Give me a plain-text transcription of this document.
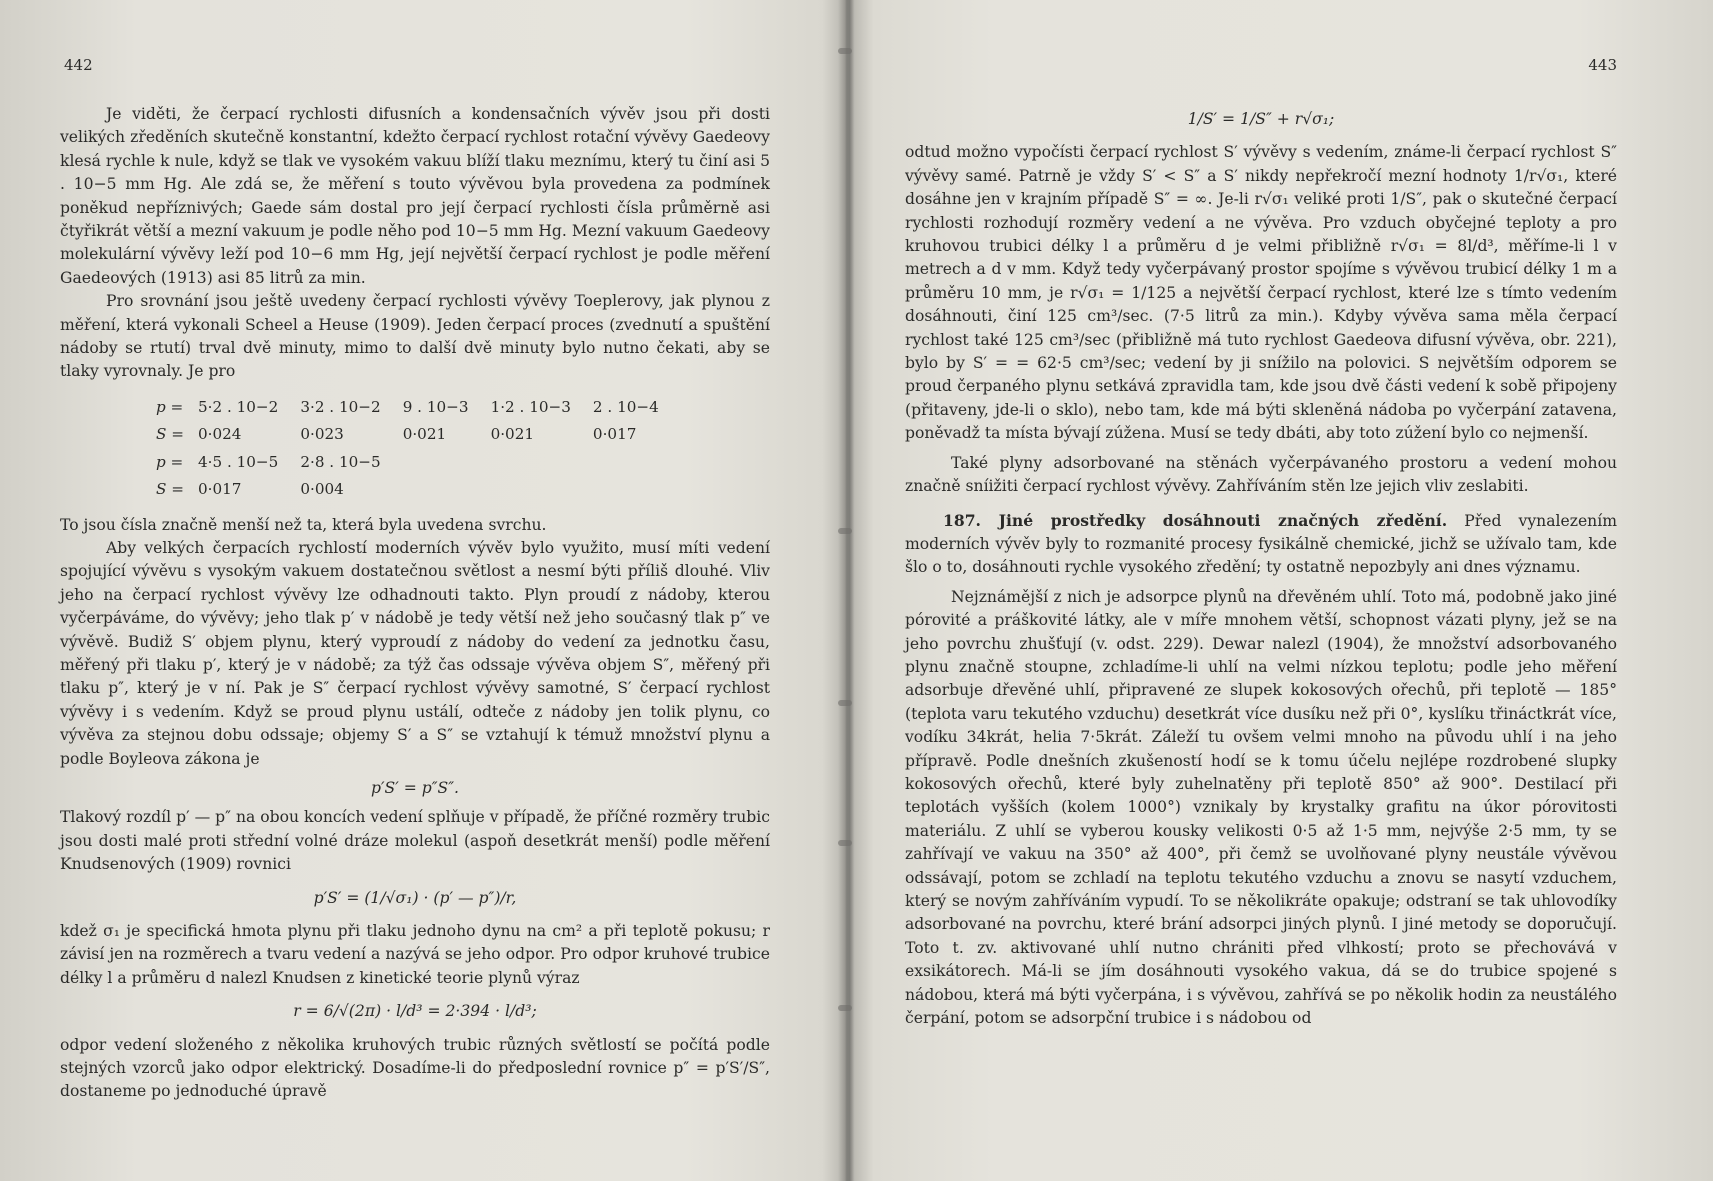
442

Je viděti, že čerpací rychlosti difusních a kondensačních vývěv jsou při dosti velikých zředěních skutečně konstantní, kdežto čerpací rychlost rotační vývěvy Gaedeovy klesá rychle k nule, když se tlak ve vysokém vakuu blíží tlaku meznímu, který tu činí asi 5 . 10−5 mm Hg. Ale zdá se, že měření s touto vývěvou byla provedena za podmínek poněkud nepříznivých; Gaede sám dostal pro její čerpací rychlosti čísla průměrně asi čtyřikrát větší a mezní vakuum je podle něho pod 10−5 mm Hg. Mezní vakuum Gaedeovy molekulární vývěvy leží pod 10−6 mm Hg, její největší čerpací rychlost je podle měření Gaedeových (1913) asi 85 litrů za min.

Pro srovnání jsou ještě uvedeny čerpací rychlosti vývěvy Toeplerovy, jak plynou z měření, která vykonali Scheel a Heuse (1909). Jeden čerpací proces (zvednutí a spuštění nádoby se rtutí) trval dvě minuty, mimo to další dvě minuty bylo nutno čekati, aby se tlaky vyrovnaly. Je pro

p =	5·2 . 10−2	3·2 . 10−2	9 . 10−3	1·2 . 10−3	2 . 10−4
S =	0·024	0·023	0·021	0·021	0·017
p =	4·5 . 10−5	2·8 . 10−5			
S =	0·017	0·004			

To jsou čísla značně menší než ta, která byla uvedena svrchu.

Aby velkých čerpacích rychlostí moderních vývěv bylo využito, musí míti vedení spojující vývěvu s vysokým vakuem dostatečnou světlost a nesmí býti příliš dlouhé. Vliv jeho na čerpací rychlost vývěvy lze odhadnouti takto. Plyn proudí z nádoby, kterou vyčerpáváme, do vývěvy; jeho tlak p′ v nádobě je tedy větší než jeho současný tlak p″ ve vývěvě. Budiž S′ objem plynu, který vyproudí z nádoby do vedení za jednotku času, měřený při tlaku p′, který je v nádobě; za týž čas odssaje vývěva objem S″, měřený při tlaku p″, který je v ní. Pak je S″ čerpací rychlost vývěvy samotné, S′ čerpací rychlost vývěvy i s vedením. Když se proud plynu ustálí, odteče z nádoby jen tolik plynu, co vývěva za stejnou dobu odssaje; objemy S′ a S″ se vztahují k témuž množství plynu a podle Boyleova zákona je

p′S′ = p″S″.

Tlakový rozdíl p′ — p″ na obou koncích vedení splňuje v případě, že příčné rozměry trubic jsou dosti malé proti střední volné dráze molekul (aspoň desetkrát menší) podle měření Knudsenových (1909) rovnici

p′S′ = (1/√σ₁) · (p′ — p″)/r,

kdež σ₁ je specifická hmota plynu při tlaku jednoho dynu na cm² a při teplotě pokusu; r závisí jen na rozměrech a tvaru vedení a nazývá se jeho odpor. Pro odpor kruhové trubice délky l a průměru d nalezl Knudsen z kinetické teorie plynů výraz

r = 6/√(2π) · l/d³ = 2·394 · l/d³;

odpor vedení složeného z několika kruhových trubic různých světlostí se počítá podle stejných vzorců jako odpor elektrický. Dosadíme-li do předposlední rovnice p″ = p′S′/S″, dostaneme po jednoduché úpravě

443
1/S′ = 1/S″ + r√σ₁;

odtud možno vypočísti čerpací rychlost S′ vývěvy s vedením, známe-li čerpací rychlost S″ vývěvy samé. Patrně je vždy S′ < S″ a S′ nikdy nepřekročí mezní hodnoty 1/r√σ₁, které dosáhne jen v krajním případě S″ = ∞. Je-li r√σ₁ veliké proti 1/S″, pak o skutečné čerpací rychlosti rozhodují rozměry vedení a ne vývěva. Pro vzduch obyčejné teploty a pro kruhovou trubici délky l a průměru d je velmi přibližně r√σ₁ = 8l/d³, měříme-li l v metrech a d v mm. Když tedy vyčerpávaný prostor spojíme s vývěvou trubicí délky 1 m a průměru 10 mm, je r√σ₁ = 1/125 a největší čerpací rychlost, které lze s tímto vedením dosáhnouti, činí 125 cm³/sec. (7·5 litrů za min.). Kdyby vývěva sama měla čerpací rychlost také 125 cm³/sec (přibližně má tuto rychlost Gaedeova difusní vývěva, obr. 221), bylo by S′ = = 62·5 cm³/sec; vedení by ji snížilo na polovici. S největším odporem se proud čerpaného plynu setkává zpravidla tam, kde jsou dvě části vedení k sobě připojeny (přitaveny, jde-li o sklo), nebo tam, kde má býti skleněná nádoba po vyčerpání zatavena, poněvadž ta místa bývají zúžena. Musí se tedy dbáti, aby toto zúžení bylo co nejmenší.

Také plyny adsorbované na stěnách vyčerpávaného prostoru a vedení mohou značně sníižiti čerpací rychlost vývěvy. Zahříváním stěn lze jejich vliv zeslabiti.

187. Jiné prostředky dosáhnouti značných zředění. Před vynalezením moderních vývěv byly to rozmanité procesy fysikálně chemické, jichž se užívalo tam, kde šlo o to, dosáhnouti rychle vysokého zředění; ty ostatně nepozbyly ani dnes významu.

Nejznámější z nich je adsorpce plynů na dřevěném uhlí. Toto má, podobně jako jiné pórovité a práškovité látky, ale v míře mnohem větší, schopnost vázati plyny, jež se na jeho povrchu zhušťují (v. odst. 229). Dewar nalezl (1904), že množství adsorbovaného plynu značně stoupne, zchladíme-li uhlí na velmi nízkou teplotu; podle jeho měření adsorbuje dřevěné uhlí, připravené ze slupek kokosových ořechů, při teplotě — 185° (teplota varu tekutého vzduchu) desetkrát více dusíku než při 0°, kyslíku třináctkrát více, vodíku 34krát, helia 7·5krát. Záleží tu ovšem velmi mnoho na původu uhlí i na jeho přípravě. Podle dnešních zkušeností hodí se k tomu účelu nejlépe rozdrobené slupky kokosových ořechů, které byly zuhelnatěny při teplotě 850° až 900°. Destilací při teplotách vyšších (kolem 1000°) vznikaly by krystalky grafitu na úkor pórovitosti materiálu. Z uhlí se vyberou kousky velikosti 0·5 až 1·5 mm, nejvýše 2·5 mm, ty se zahřívají ve vakuu na 350° až 400°, při čemž se uvolňované plyny neustále vývěvou odssávají, potom se zchladí na teplotu tekutého vzduchu a znovu se nasytí vzduchem, který se novým zahříváním vypudí. To se několikráte opakuje; odstraní se tak uhlovodíky adsorbované na povrchu, které brání adsorpci jiných plynů. I jiné metody se doporučují. Toto t. zv. aktivované uhlí nutno chrániti před vlhkostí; proto se přechovává v exsikátorech. Má-li se jím dosáhnouti vysokého vakua, dá se do trubice spojené s nádobou, která má býti vyčerpána, i s vývěvou, zahřívá se po několik hodin za neustálého čerpání, potom se adsorpční trubice i s nádobou od
